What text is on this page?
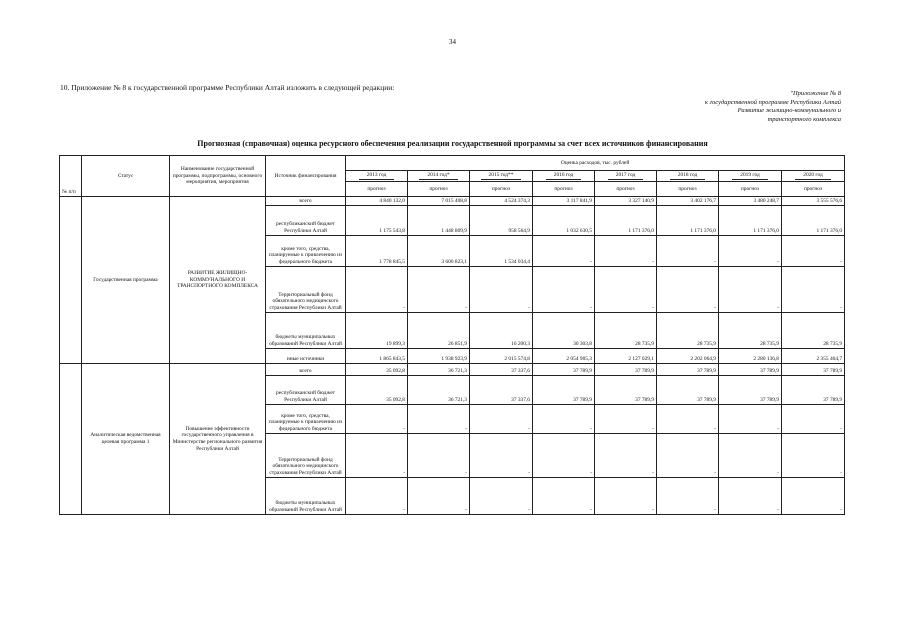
34
10. Приложение № 8 к государственной программе Республики Алтай изложить в следующей редакции:
"Приложение № 8
к государственной программе Республики Алтай
Развитие жилищно-коммунального и
транспортного комплекса
Прогнозная (справочная) оценка ресурсного обеспечения реализации государственной программы за счет всех источников финансирования
№ п/п	Статус	Наименование государственной программы, подпрограммы, основного мероприятия, мероприятия	Источник финансирования	Оценка расходов, тыс. рублей							
				2013 год	2014 год*	2015 год**	2016 год	2017 год	2018 год	2019 год	2020 год
				прогноз	прогноз	прогноз	прогноз	прогноз	прогноз	прогноз	прогноз
	Государственная программа	РАЗВИТИЕ ЖИЛИЩНО-КОММУНАЛЬНОГО И ТРАНСПОРТНОГО КОМПЛЕКСА	всего	4 840 132,0	7 015 408,8	4 524 374,3	3 117 841,9	3 327 140,9	3 402 176,7	3 480 248,7	3 555 576,6
			республиканский бюджет Республики Алтай	1 175 543,8	1 448 809,9	958 564,9	1 032 630,5	1 171 376,0	1 171 376,0	1 171 376,0	1 171 376,0
			кроме того, средства, планируемые к привлечению из федерального бюджета	1 778 845,5	3 600 823,1	1 534 034,4	-	-	-	-	-
			Территориальный фонд обязательного медицинского страхования Республики Алтай	-	-	-	-	-	-	-	-
			бюджеты муниципальных образований Республики Алтай	19 899,3	26 851,9	16 200,3	30 303,8	28 735,9	28 735,9	28 735,9	28 735,9
			иные источники	1 865 843,5	1 938 923,9	2 015 574,8	2 054 905,3	2 127 029,1	2 202 064,9	2 280 136,8	2 355 464,7
	Аналитическая ведомственная целевая программа 1	Повышение эффективности государственного управления в Министерстве регионального развития Республики Алтай	всего	35 092,8	36 721,3	37 337,6	37 789,9	37 789,9	37 789,9	37 789,9	37 789,9
			республиканский бюджет Республики Алтай	35 092,8	36 721,3	37 337,6	37 789,9	37 789,9	37 789,9	37 789,9	37 789,9
			кроме того, средства, планируемые к привлечению из федерального бюджета	-	-	-	-	-	-	-	-
			Территориальный фонд обязательного медицинского страхования Республики Алтай	-	-	-	-	-	-	-	-
			бюджеты муниципальных образований Республики Алтай	-	-	-	-	-	-	-	-
